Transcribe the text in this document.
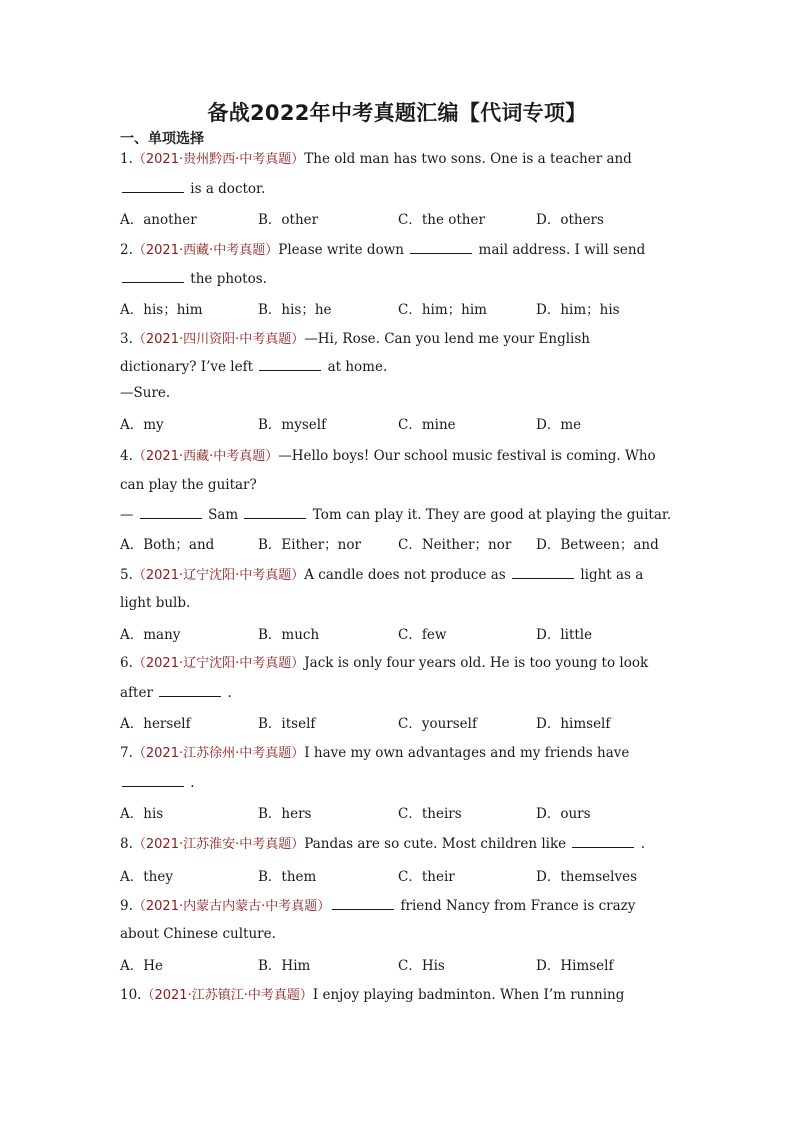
备战2022年中考真题汇编【代词专项】
一、单项选择
1.（2021·贵州黔西·中考真题）The old man has two sons. One is a teacher and
is a doctor.
A．another	B．other	C．the other	D．others
2.（2021·西藏·中考真题）Please write down	mail address. I will send
the photos.
A．his；him	B．his；he	C．him；him	D．him；his
3.（2021·四川资阳·中考真题）—Hi, Rose. Can you lend me your English
dictionary? I’ve left	at home.
—Sure.
A．my	B．myself	C．mine	D．me
4.（2021·西藏·中考真题）—Hello boys! Our school music festival is coming. Who
can play the guitar?
—	Sam	Tom can play it. They are good at playing the guitar.
A．Both；and	B．Either；nor	C．Neither；nor D．Between；and
5.（2021·辽宁沈阳·中考真题）A candle does not produce as	light as a
light bulb.
A．many	B．much	C．few	D．little
6.（2021·辽宁沈阳·中考真题）Jack is only four years old. He is too young to look
after	.
A．herself	B．itself	C．yourself	D．himself
7.（2021·江苏徐州·中考真题）I have my own advantages and my friends have
.
A．his	B．hers	C．theirs	D．ours
8.（2021·江苏淮安·中考真题）Pandas are so cute. Most children like	.
A．they	B．them	C．their	D．themselves
9.（2021·内蒙古内蒙古·中考真题）	friend Nancy from France is crazy
about Chinese culture.
A．He	B．Him	C．His	D．Himself
10.（2021·江苏镇江·中考真题）I enjoy playing badminton. When I’m running
